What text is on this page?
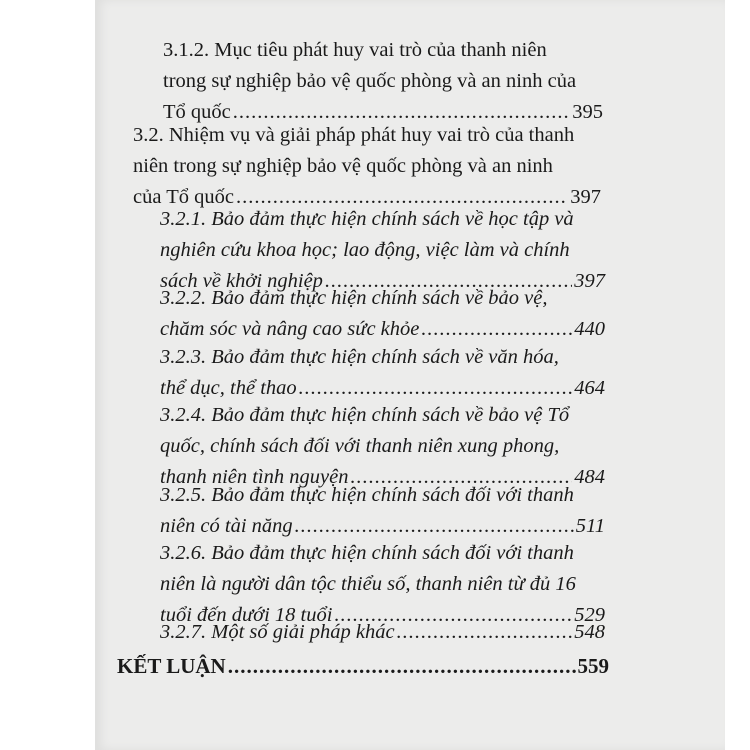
3.1.2. Mục tiêu phát huy vai trò của thanh niên
trong sự nghiệp bảo vệ quốc phòng và an ninh của
Tổ quốc .....	395
3.2. Nhiệm vụ và giải pháp phát huy vai trò của thanh
niên trong sự nghiệp bảo vệ quốc phòng và an ninh
của Tổ quốc .....	397
3.2.1. Bảo đảm thực hiện chính sách về học tập và
nghiên cứu khoa học; lao động, việc làm và chính
sách về khởi nghiệp .....	397
3.2.2. Bảo đảm thực hiện chính sách về bảo vệ,
chăm sóc và nâng cao sức khỏe .....	440
3.2.3. Bảo đảm thực hiện chính sách về văn hóa,
thể dục, thể thao .....	464
3.2.4. Bảo đảm thực hiện chính sách về bảo vệ Tổ
quốc, chính sách đối với thanh niên xung phong,
thanh niên tình nguyện .....	484
3.2.5. Bảo đảm thực hiện chính sách đối với thanh
niên có tài năng .....	511
3.2.6. Bảo đảm thực hiện chính sách đối với thanh
niên là người dân tộc thiểu số, thanh niên từ đủ 16
tuổi đến dưới 18 tuổi .....	529
3.2.7. Một số giải pháp khác .....	548
KẾT LUẬN .....	559
